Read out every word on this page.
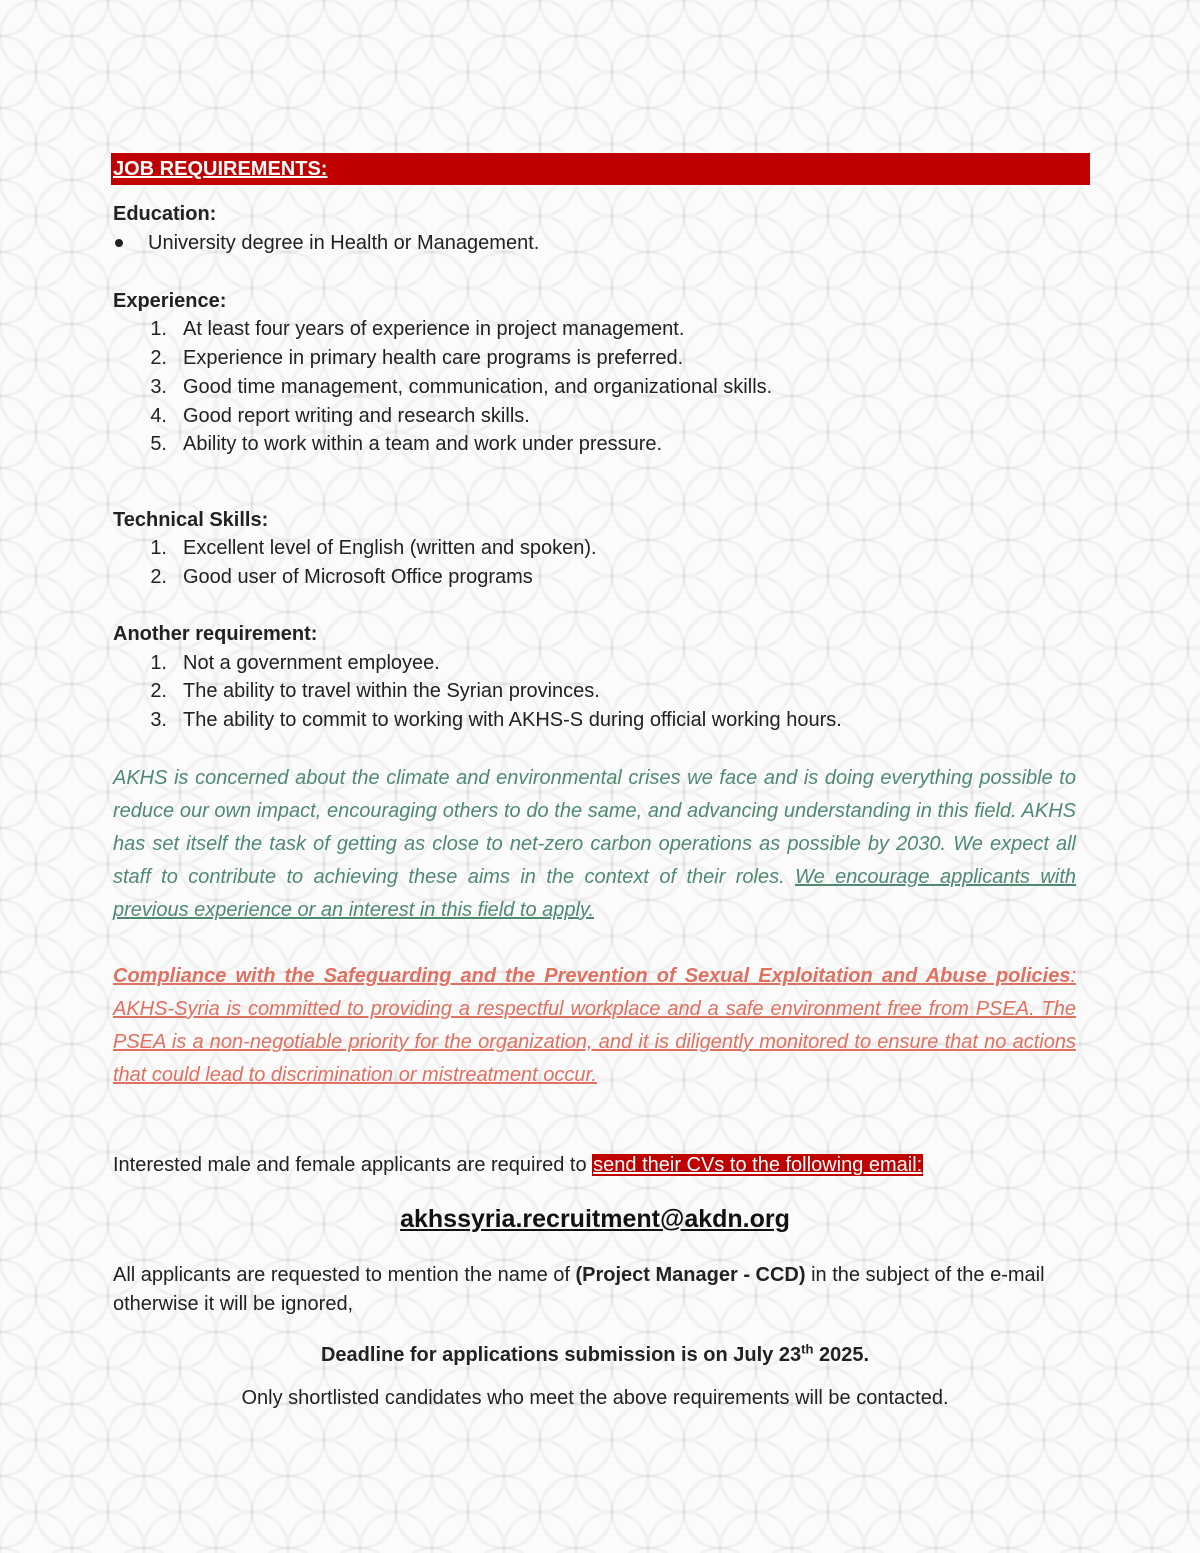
JOB REQUIREMENTS:
Education:
University degree in Health or Management.
Experience:
1. At least four years of experience in project management.
2. Experience in primary health care programs is preferred.
3. Good time management, communication, and organizational skills.
4. Good report writing and research skills.
5. Ability to work within a team and work under pressure.
Technical Skills:
1. Excellent level of English (written and spoken).
2. Good user of Microsoft Office programs
Another requirement:
1. Not a government employee.
2. The ability to travel within the Syrian provinces.
3. The ability to commit to working with AKHS-S during official working hours.
AKHS is concerned about the climate and environmental crises we face and is doing everything possible to reduce our own impact, encouraging others to do the same, and advancing understanding in this field. AKHS has set itself the task of getting as close to net-zero carbon operations as possible by 2030. We expect all staff to contribute to achieving these aims in the context of their roles. We encourage applicants with previous experience or an interest in this field to apply.
Compliance with the Safeguarding and the Prevention of Sexual Exploitation and Abuse policies: AKHS-Syria is committed to providing a respectful workplace and a safe environment free from PSEA. The PSEA is a non-negotiable priority for the organization, and it is diligently monitored to ensure that no actions that could lead to discrimination or mistreatment occur.
Interested male and female applicants are required to send their CVs to the following email:
akhssyria.recruitment@akdn.org
All applicants are requested to mention the name of (Project Manager - CCD) in the subject of the e-mail otherwise it will be ignored,
Deadline for applications submission is on July 23th 2025.
Only shortlisted candidates who meet the above requirements will be contacted.
